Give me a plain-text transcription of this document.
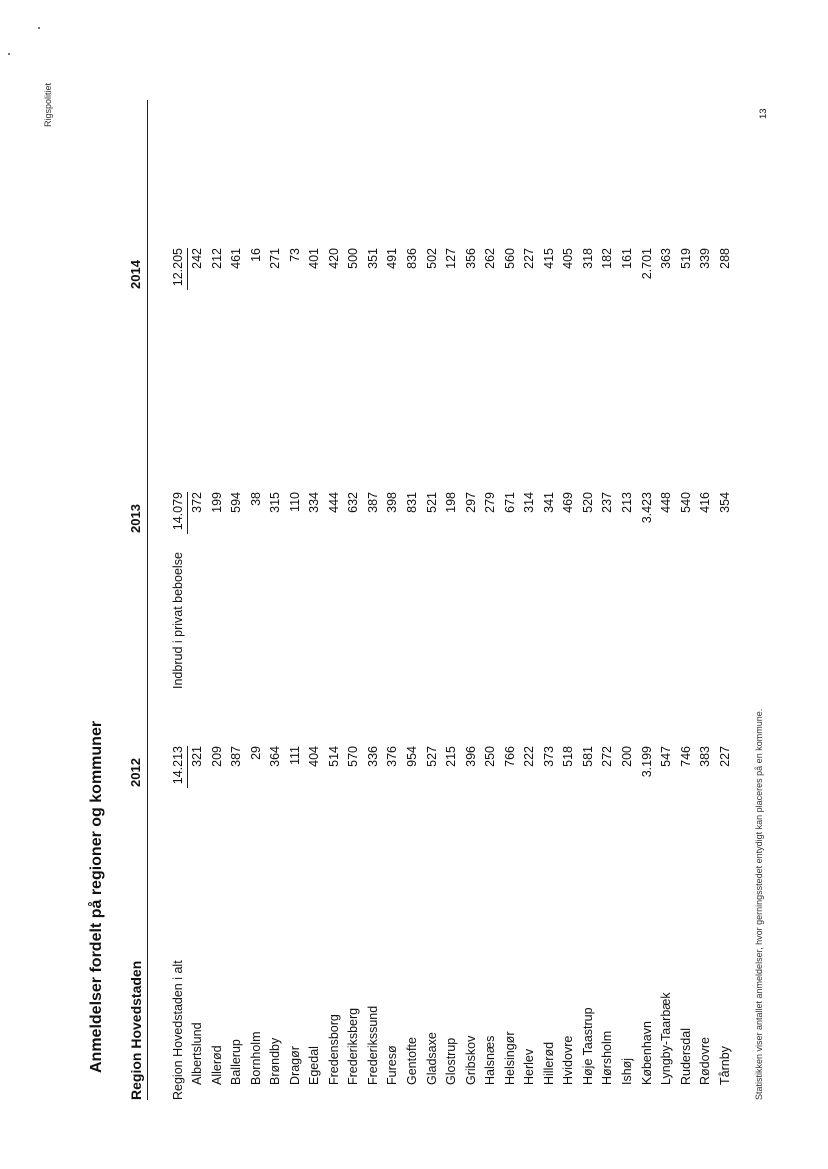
Anmeldelser fordelt på regioner og kommuner Region Hovedstaden
2012
2013
2014
Region Hovedstaden i alt
Indbrud i privat beboelse
14.213
14.079
12.205
Albertslund
321
372
242
Allerød
209
199
212
Ballerup
387
594
461
Bornholm
29
38
16
Brøndby
364
315
271
Dragør
111
110
73
Egedal
404
334
401
Fredensborg
514
444
420
Frederiksberg
570
632
500
Frederikssund
336
387
351
Furesø
376
398
491
Gentofte
954
831
836
Gladsaxe
527
521
502
Glostrup
215
198
127
Gribskov
396
297
356
Halsnæs
250
279
262
Helsingør
766
671
560
Herlev
222
314
227
Hillerød
373
341
415
Hvidovre
518
469
405
Høje Taastrup
581
520
318
Hørsholm
272
237
182
Ishøj
200
213
161
København
3.199
3.423
2.701
Lyngby-Taarbæk
547
448
363
Rudersdal
746
540
519
Rødovre
383
416
339
Tårnby
227
354
288
Statistikken viser antallet anmeldelser, hvor gerningsstedet entydigt kan placeres på en kommune.
Rigspolitiet	13
